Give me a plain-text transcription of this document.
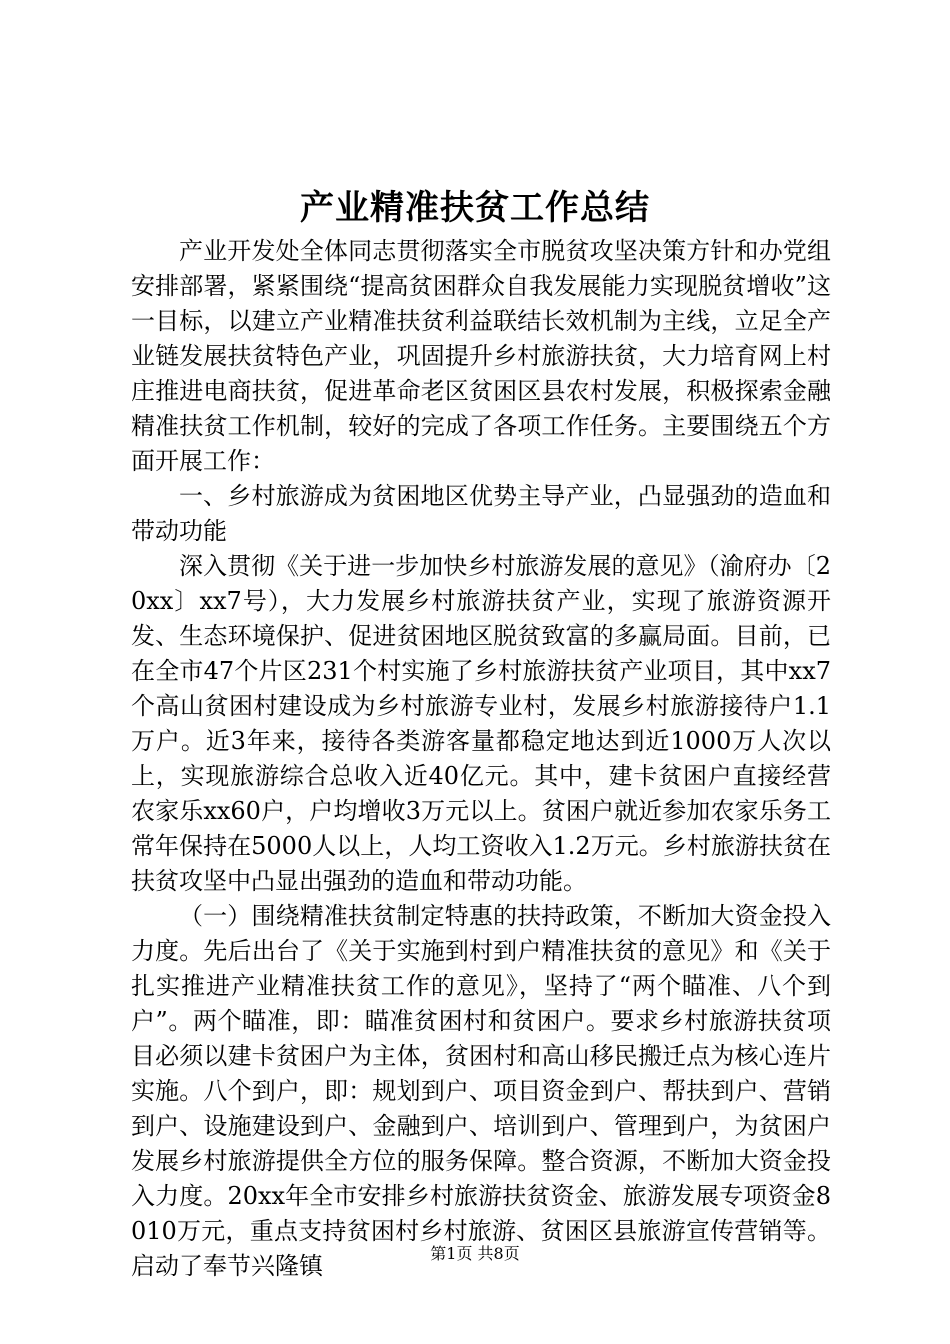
产业精准扶贫工作总结

产业开发处全体同志贯彻落实全市脱贫攻坚决策方针和办党组安排部署，紧紧围绕“提高贫困群众自我发展能力实现脱贫增收”这一目标，以建立产业精准扶贫利益联结长效机制为主线，立足全产业链发展扶贫特色产业，巩固提升乡村旅游扶贫，大力培育网上村庄推进电商扶贫，促进革命老区贫困区县农村发展，积极探索金融精准扶贫工作机制，较好的完成了各项工作任务。主要围绕五个方面开展工作：

一、乡村旅游成为贫困地区优势主导产业，凸显强劲的造血和带动功能

深入贯彻《关于进一步加快乡村旅游发展的意见》（渝府办〔20xx〕xx7号），大力发展乡村旅游扶贫产业，实现了旅游资源开发、生态环境保护、促进贫困地区脱贫致富的多赢局面。目前，已在全市47个片区231个村实施了乡村旅游扶贫产业项目，其中xx7个高山贫困村建设成为乡村旅游专业村，发展乡村旅游接待户1.1万户。近3年来，接待各类游客量都稳定地达到近1000万人次以上，实现旅游综合总收入近40亿元。其中，建卡贫困户直接经营农家乐xx60户，户均增收3万元以上。贫困户就近参加农家乐务工常年保持在5000人以上，人均工资收入1.2万元。乡村旅游扶贫在扶贫攻坚中凸显出强劲的造血和带动功能。

（一）围绕精准扶贫制定特惠的扶持政策，不断加大资金投入力度。先后出台了《关于实施到村到户精准扶贫的意见》和《关于扎实推进产业精准扶贫工作的意见》，坚持了“两个瞄准、八个到户”。两个瞄准，即：瞄准贫困村和贫困户。要求乡村旅游扶贫项目必须以建卡贫困户为主体，贫困村和高山移民搬迁点为核心连片实施。八个到户，即：规划到户、项目资金到户、帮扶到户、营销到户、设施建设到户、金融到户、培训到户、管理到户，为贫困户发展乡村旅游提供全方位的服务保障。整合资源，不断加大资金投入力度。20xx年全市安排乡村旅游扶贫资金、旅游发展专项资金8010万元，重点支持贫困村乡村旅游、贫困区县旅游宣传营销等。启动了奉节兴隆镇	第1页 共8页
